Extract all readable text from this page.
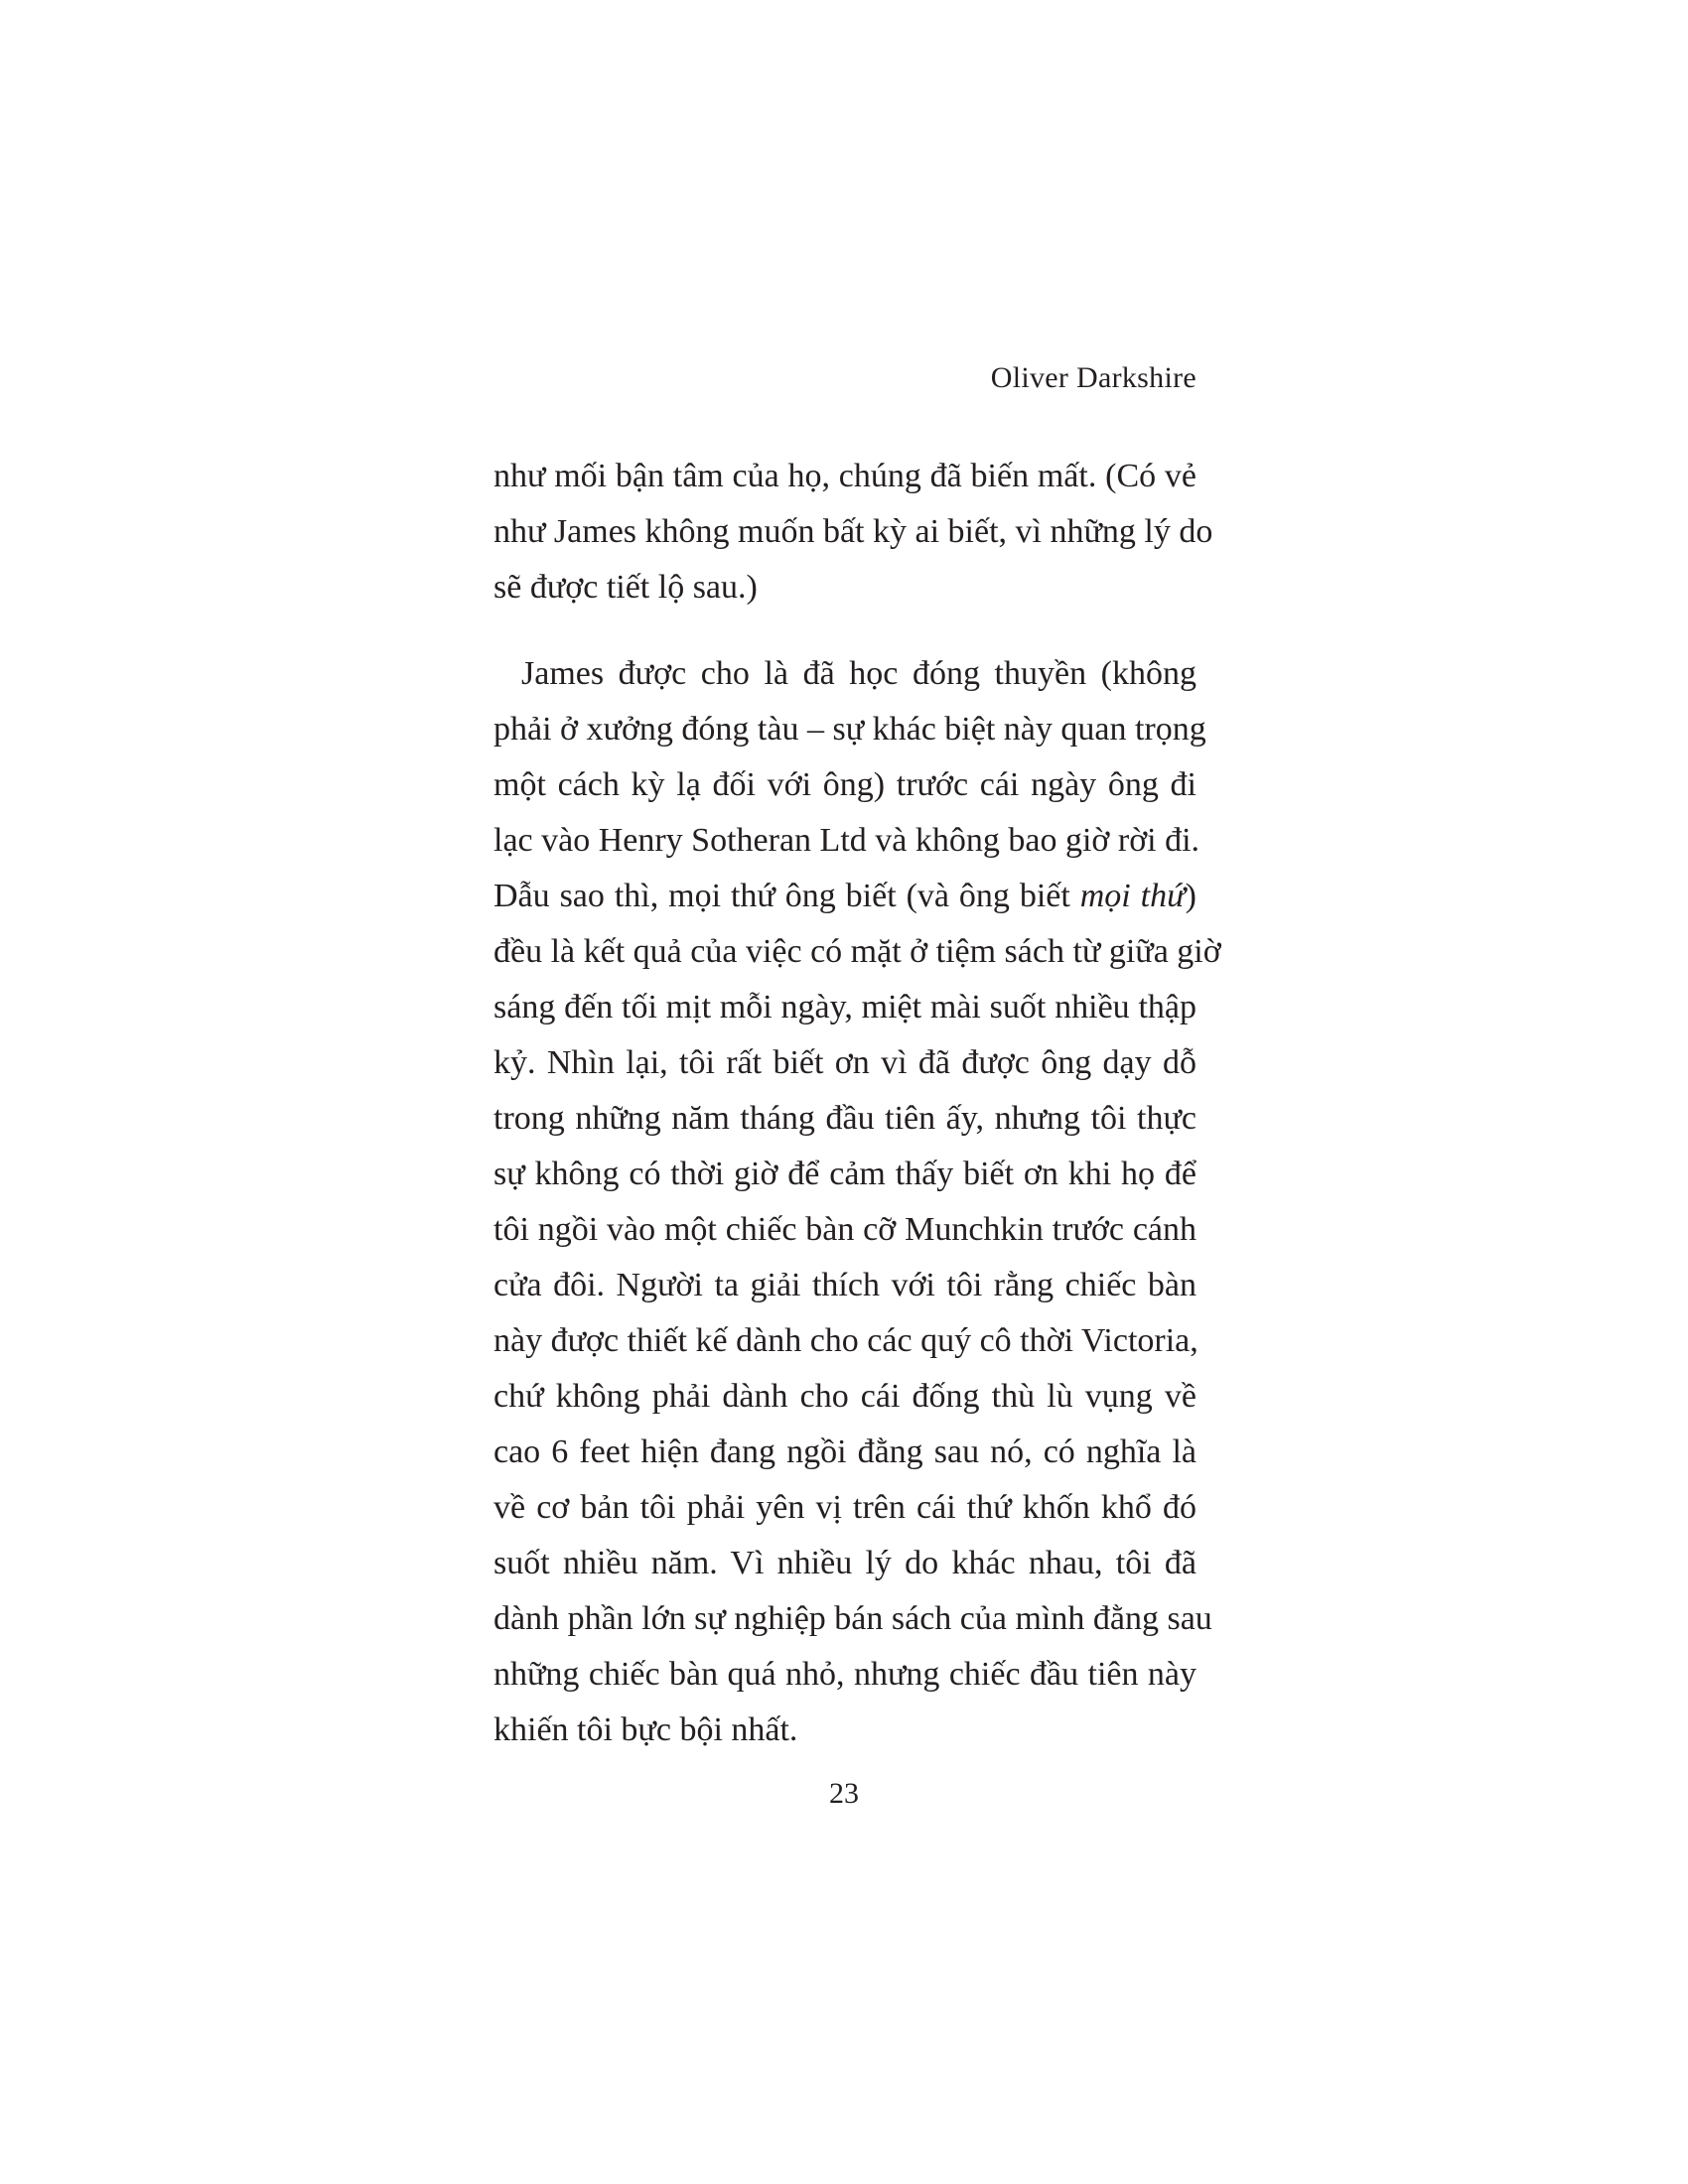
Oliver Darkshire
như mối bận tâm của họ, chúng đã biến mất. (Có vẻ
như James không muốn bất kỳ ai biết, vì những lý do
sẽ được tiết lộ sau.)
James được cho là đã học đóng thuyền (không
phải ở xưởng đóng tàu – sự khác biệt này quan trọng
một cách kỳ lạ đối với ông) trước cái ngày ông đi
lạc vào Henry Sotheran Ltd và không bao giờ rời đi.
Dẫu sao thì, mọi thứ ông biết (và ông biết mọi thứ)
đều là kết quả của việc có mặt ở tiệm sách từ giữa giờ
sáng đến tối mịt mỗi ngày, miệt mài suốt nhiều thập
kỷ. Nhìn lại, tôi rất biết ơn vì đã được ông dạy dỗ
trong những năm tháng đầu tiên ấy, nhưng tôi thực
sự không có thời giờ để cảm thấy biết ơn khi họ để
tôi ngồi vào một chiếc bàn cỡ Munchkin trước cánh
cửa đôi. Người ta giải thích với tôi rằng chiếc bàn
này được thiết kế dành cho các quý cô thời Victoria,
chứ không phải dành cho cái đống thù lù vụng về
cao 6 feet hiện đang ngồi đằng sau nó, có nghĩa là
về cơ bản tôi phải yên vị trên cái thứ khốn khổ đó
suốt nhiều năm. Vì nhiều lý do khác nhau, tôi đã
dành phần lớn sự nghiệp bán sách của mình đằng sau
những chiếc bàn quá nhỏ, nhưng chiếc đầu tiên này
khiến tôi bực bội nhất.
23
